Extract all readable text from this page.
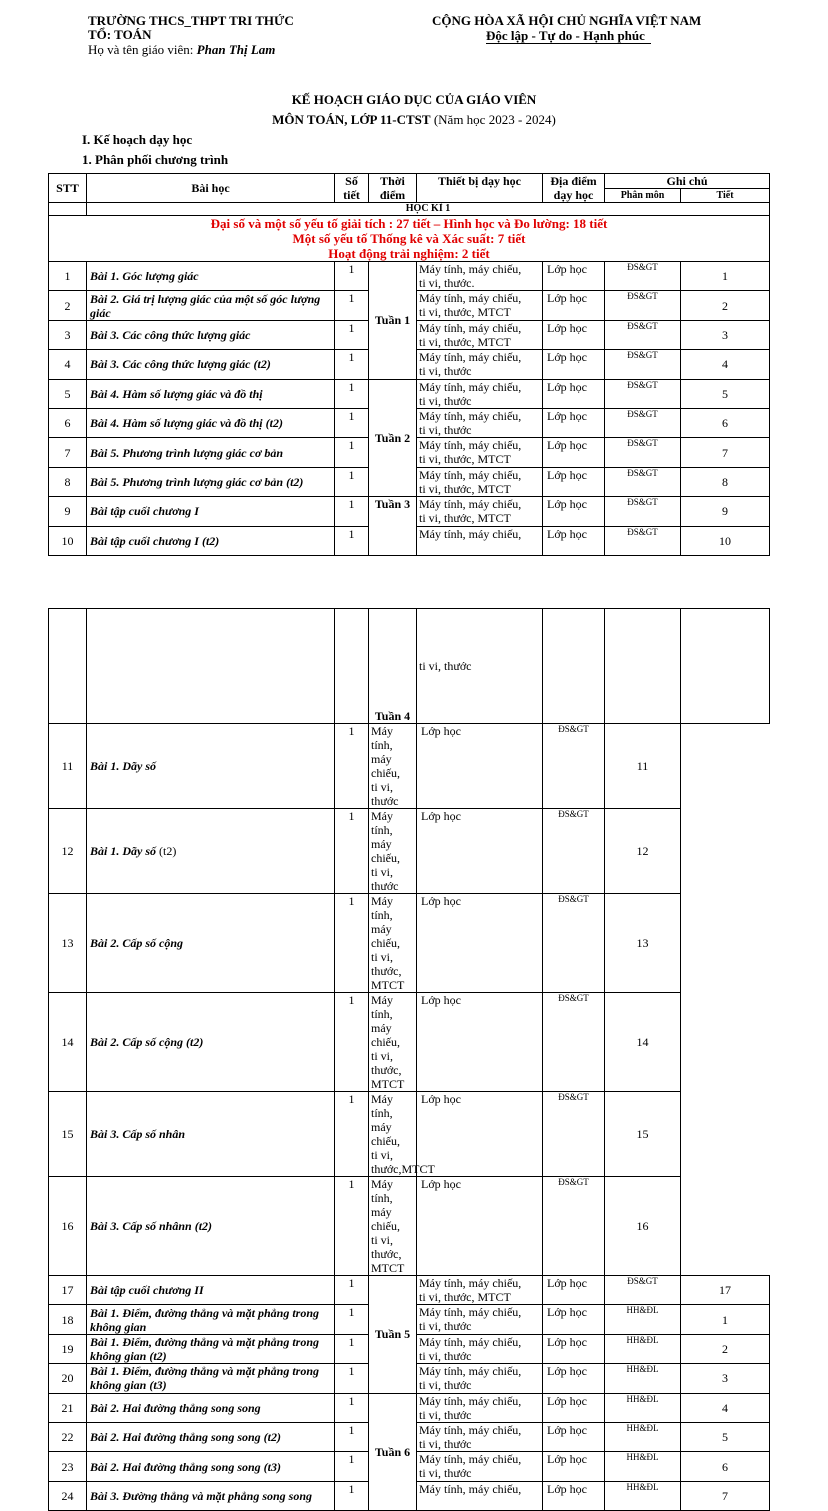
TRƯỜNG THCS_THPT TRI THỨC
TỔ: TOÁN
Họ và tên giáo viên: Phan Thị Lam
CỘNG HÒA XÃ HỘI CHỦ NGHĨA VIỆT NAM
Độc lập - Tự do - Hạnh phúc
KẾ HOẠCH GIÁO DỤC CỦA GIÁO VIÊN
MÔN TOÁN, LỚP 11-CTST (Năm học 2023 - 2024)
I. Kế hoạch dạy học
1. Phân phối chương trình
STT	Bài học	Số tiết	Thời điểm	Thiết bị dạy học	Địa điểm dạy học	Ghi chú	
						Phân môn	Tiết
	HỌC KÌ 1						

Đại số và một số yếu tố giải tích : 27 tiết – Hình học và Đo lường: 18 tiết
Một số yếu tố Thống kê và Xác suất: 7 tiết
Hoạt động trải nghiệm: 2 tiết							

1	Bài 1. Góc lượng giác	1	Tuần 1	Máy tính, máy chiếu,
ti vi, thước.	Lớp học	ĐS&GT	1
2	Bài 2. Giá trị lượng giác của một số góc lượng giác	1		Máy tính, máy chiếu,
ti vi, thước, MTCT	Lớp học	ĐS&GT	2
3	Bài 3. Các công thức lượng giác	1		Máy tính, máy chiếu,
ti vi, thước, MTCT	Lớp học	ĐS&GT	3
4	Bài 3. Các công thức lượng giác (t2)	1		Máy tính, máy chiếu,
ti vi, thước	Lớp học	ĐS&GT	4
5	Bài 4. Hàm số lượng giác và đồ thị	1	Tuần 2	Máy tính, máy chiếu,
ti vi, thước	Lớp học	ĐS&GT	5
6	Bài 4. Hàm số lượng giác và đồ thị (t2)	1		Máy tính, máy chiếu,
ti vi, thước	Lớp học	ĐS&GT	6
7	Bài 5. Phương trình lượng giác cơ bản	1		Máy tính, máy chiếu,
ti vi, thước, MTCT	Lớp học	ĐS&GT	7
8	Bài 5. Phương trình lượng giác cơ bản (t2)	1		Máy tính, máy chiếu,
ti vi, thước, MTCT	Lớp học	ĐS&GT	8
9	Bài tập cuối chương I	1	Tuần 3	Máy tính, máy chiếu,
ti vi, thước, MTCT	Lớp học	ĐS&GT	9
10	Bài tập cuối chương I (t2)	1		Máy tính, máy chiếu,	Lớp học	ĐS&GT	10
			Tuần 4	ti vi, thước			
11	Bài 1. Dãy số	1	Máy tính, máy chiếu,
ti vi, thước	Lớp học	ĐS&GT	11	
12	Bài 1. Dãy số (t2)	1	Máy tính, máy chiếu,
ti vi, thước	Lớp học	ĐS&GT	12	
13	Bài 2. Cấp số cộng	1	Máy tính, máy chiếu,
ti vi, thước, MTCT	Lớp học	ĐS&GT	13	
14	Bài 2. Cấp số cộng (t2)	1	Máy tính, máy chiếu,
ti vi, thước, MTCT	Lớp học	ĐS&GT	14	
15	Bài 3. Cấp số nhân	1	Máy tính, máy chiếu,
ti vi, thước,MTCT	Lớp học	ĐS&GT	15	
16	Bài 3. Cấp số nhânn (t2)	1	Máy tính, máy chiếu,
ti vi, thước, MTCT	Lớp học	ĐS&GT	16	
17	Bài tập cuối chương II	1	Tuần 5	Máy tính, máy chiếu,
ti vi, thước, MTCT	Lớp học	ĐS&GT	17
18	Bài 1. Điểm, đường thẳng và mặt phẳng trong không gian	1		Máy tính, máy chiếu,
ti vi, thước	Lớp học	HH&ĐL	1
19	Bài 1. Điểm, đường thẳng và mặt phẳng trong không gian (t2)	1		Máy tính, máy chiếu,
ti vi, thước	Lớp học	HH&ĐL	2
20	Bài 1. Điểm, đường thẳng và mặt phẳng trong không gian (t3)	1		Máy tính, máy chiếu,
ti vi, thước	Lớp học	HH&ĐL	3
21	Bài 2. Hai đường thẳng song song	1	Tuần 6	Máy tính, máy chiếu,
ti vi, thước	Lớp học	HH&ĐL	4
22	Bài 2. Hai đường thẳng song song (t2)	1		Máy tính, máy chiếu,
ti vi, thước	Lớp học	HH&ĐL	5
23	Bài 2. Hai đường thẳng song song (t3)	1		Máy tính, máy chiếu,
ti vi, thước	Lớp học	HH&ĐL	6
24	Bài 3. Đường thẳng và mặt phẳng song song	1		Máy tính, máy chiếu,	Lớp học	HH&ĐL	7
